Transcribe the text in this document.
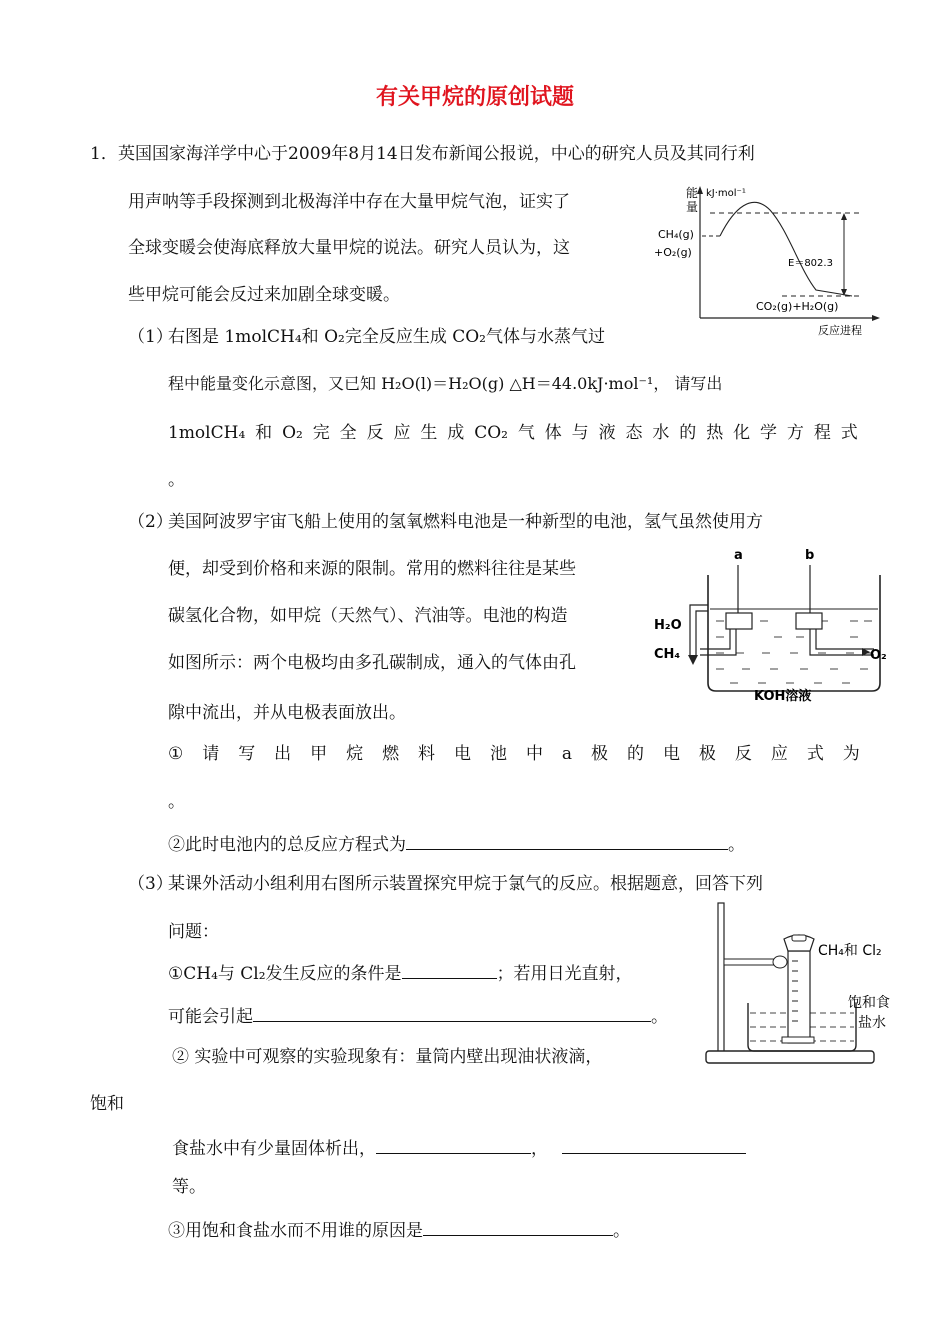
有关甲烷的原创试题
1． 英国国家海洋学中心于2009年8月14日发布新闻公报说，中心的研究人员及其同行利
用声呐等手段探测到北极海洋中存在大量甲烷气泡，证实了
全球变暖会使海底释放大量甲烷的说法。研究人员认为，这
些甲烷可能会反过来加剧全球变暖。
（1）
右图是 1molCH₄和 O₂完全反应生成 CO₂气体与水蒸气过
程中能量变化示意图，又已知 H₂O(l)＝H₂O(g) △H＝44.0kJ·mol⁻¹， 请写出
1molCH₄ 和 O₂ 完 全 反 应 生 成 CO₂ 气 体 与 液 态 水 的 热 化 学 方 程 式
。
能
量
kJ·mol⁻¹
CH₄(g)
+O₂(g)
E＝802.3
CO₂(g)+H₂O(g)
反应进程
（2）
美国阿波罗宇宙飞船上使用的氢氧燃料电池是一种新型的电池，氢气虽然使用方
便，却受到价格和来源的限制。常用的燃料往往是某些
碳氢化合物，如甲烷（天然气）、汽油等。电池的构造
如图所示：两个电极均由多孔碳制成，通入的气体由孔
隙中流出，并从电极表面放出。
① 请 写 出 甲 烷 燃 料 电 池 中 a 极 的 电 极 反 应 式 为
。
②此时电池内的总反应方程式为	。
a	b
H₂O
CH₄	O₂
KOH溶液
（3）
某课外活动小组利用右图所示装置探究甲烷于氯气的反应。根据题意，回答下列
问题：
①CH₄与 Cl₂发生反应的条件是	；若用日光直射，
可能会引起	。
② 实验中可观察的实验现象有：量筒内壁出现油状液滴，
饱和
食盐水中有少量固体析出，	，
等。
③用饱和食盐水而不用谁的原因是	。
CH₄和 Cl₂
饱和食
盐水
